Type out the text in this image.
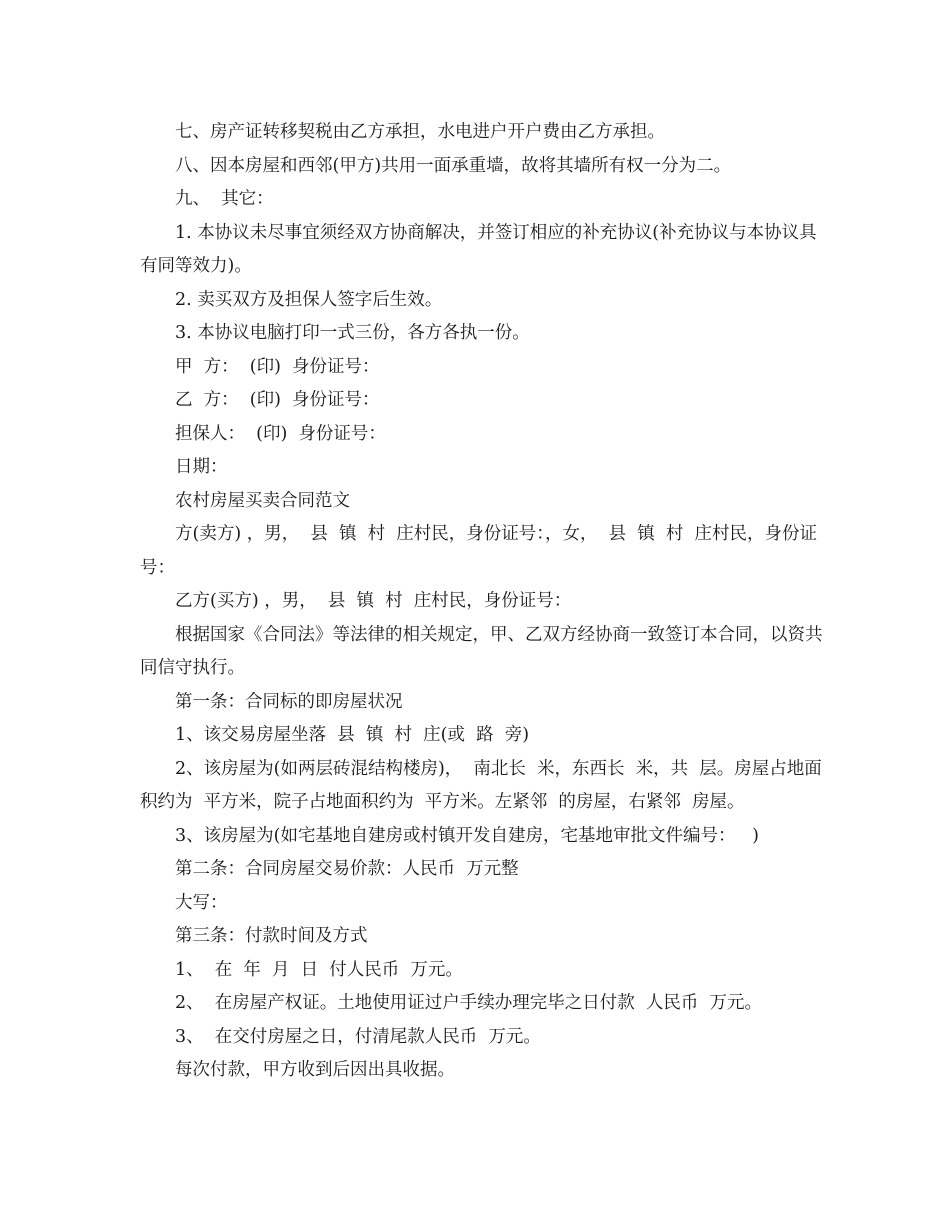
七、房产证转移契税由乙方承担，水电进户开户费由乙方承担。

八、因本房屋和西邻(甲方)共用一面承重墙，故将其墙所有权一分为二。

九、  其它：

1. 本协议未尽事宜须经双方协商解决，并签订相应的补充协议(补充协议与本协议具有同等效力)。

2. 卖买双方及担保人签字后生效。

3. 本协议电脑打印一式三份，各方各执一份。

甲  方：  (印)  身份证号：

乙  方：  (印)  身份证号：

担保人：  (印)  身份证号：

日期：

农村房屋买卖合同范文

方(卖方) ，男，  县  镇  村  庄村民，身份证号：，女，  县  镇  村  庄村民，身份证号：

乙方(买方) ，男，  县  镇  村  庄村民，身份证号：

根据国家《合同法》等法律的相关规定，甲、乙双方经协商一致签订本合同，以资共同信守执行。

第一条：合同标的即房屋状况

1、该交易房屋坐落  县  镇  村  庄(或  路  旁)

2、该房屋为(如两层砖混结构楼房)，  南北长  米，东西长  米，共  层。房屋占地面积约为  平方米，院子占地面积约为  平方米。左紧邻  的房屋，右紧邻  房屋。

3、该房屋为(如宅基地自建房或村镇开发自建房，宅基地审批文件编号：   )

第二条：合同房屋交易价款：人民币  万元整

大写：

第三条：付款时间及方式

1、  在  年  月  日  付人民币  万元。

2、  在房屋产权证。土地使用证过户手续办理完毕之日付款  人民币  万元。

3、  在交付房屋之日，付清尾款人民币  万元。

每次付款，甲方收到后因出具收据。
